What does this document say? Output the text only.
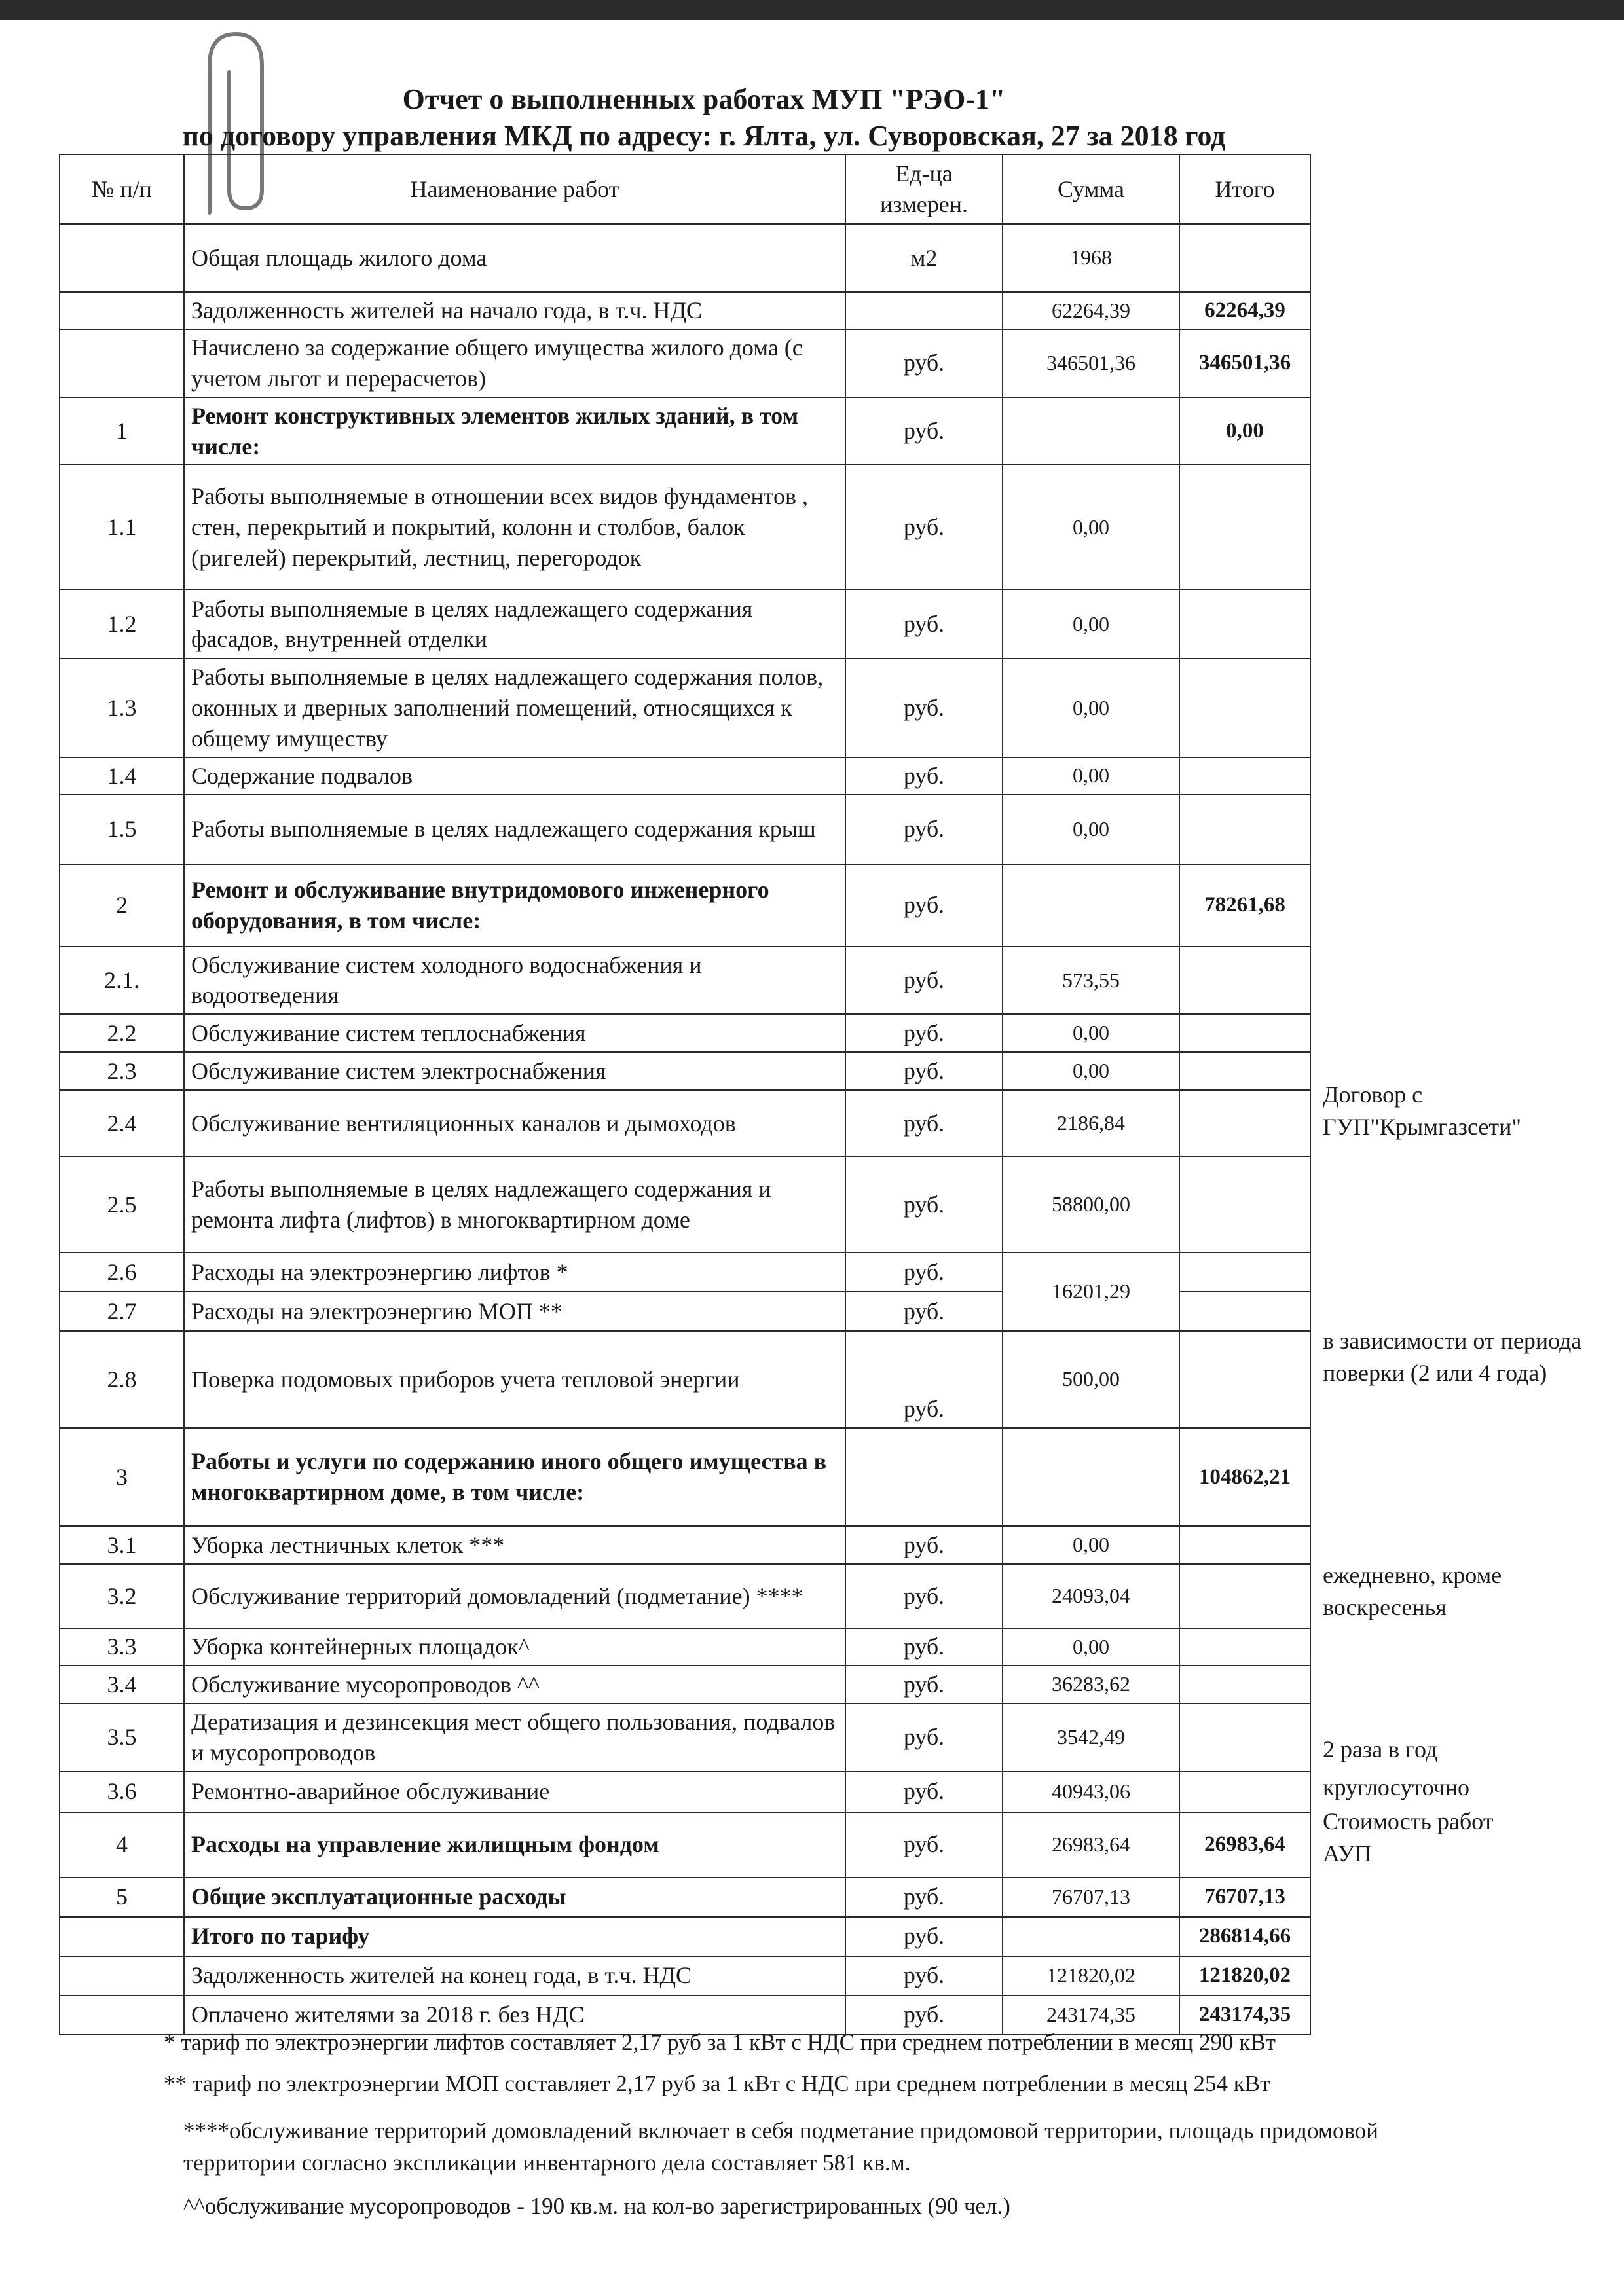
Отчет о выполненных работах МУП "РЭО-1"
по договору управления МКД по адресу: г. Ялта, ул. Суворовская, 27 за 2018 год
№ п/п	Наименование работ	Ед-ца измерен.	Сумма	Итого
	Общая площадь жилого дома	м2	1968	
	Задолженность жителей на начало года, в т.ч. НДС		62264,39	62264,39
	Начислено за содержание общего имущества жилого дома (с учетом льгот и перерасчетов)	руб.	346501,36	346501,36
1	Ремонт конструктивных элементов жилых зданий, в том числе:	руб.		0,00
1.1	Работы выполняемые в отношении всех видов фундаментов , стен, перекрытий и покрытий, колонн и столбов, балок (ригелей) перекрытий, лестниц, перегородок	руб.	0,00	
1.2	Работы выполняемые в целях надлежащего содержания фасадов, внутренней отделки	руб.	0,00	
1.3	Работы выполняемые в целях надлежащего содержания полов, оконных и дверных заполнений помещений, относящихся к общему имуществу	руб.	0,00	
1.4	Содержание подвалов	руб.	0,00	
1.5	Работы выполняемые в целях надлежащего содержания крыш	руб.	0,00	
2	Ремонт и обслуживание внутридомового инженерного оборудования, в том числе:	руб.		78261,68
2.1.	Обслуживание систем холодного водоснабжения и водоотведения	руб.	573,55	
2.2	Обслуживание систем теплоснабжения	руб.	0,00	
2.3	Обслуживание систем электроснабжения	руб.	0,00	
2.4	Обслуживание вентиляционных каналов и дымоходов	руб.	2186,84	
2.5	Работы выполняемые в целях надлежащего содержания и ремонта лифта (лифтов) в многоквартирном доме	руб.	58800,00	
2.6	Расходы на электроэнергию лифтов *	руб.	16201,29	
2.7	Расходы на электроэнергию МОП **	руб.		
2.8	Поверка подомовых приборов учета тепловой энергии	руб.	500,00	
3	Работы и услуги по содержанию иного общего имущества в многоквартирном доме, в том числе:			104862,21
3.1	Уборка лестничных клеток ***	руб.	0,00	
3.2	Обслуживание территорий домовладений (подметание) ****	руб.	24093,04	
3.3	Уборка контейнерных площадок^	руб.	0,00	
3.4	Обслуживание мусоропроводов ^^	руб.	36283,62	
3.5	Дератизация и дезинсекция мест общего пользования, подвалов и мусоропроводов	руб.	3542,49	
3.6	Ремонтно-аварийное обслуживание	руб.	40943,06	
4	Расходы на управление жилищным фондом	руб.	26983,64	26983,64
5	Общие эксплуатационные расходы	руб.	76707,13	76707,13
	Итого по тарифу	руб.		286814,66
	Задолженность жителей на конец года, в т.ч. НДС	руб.	121820,02	121820,02
	Оплачено жителями за 2018 г. без НДС	руб.	243174,35	243174,35
Договор с ГУП"Крымгазсети"
в зависимости от периода поверки (2 или 4 года)
ежедневно, кроме воскресенья
2 раза в год
круглосуточно
Стоимость работ АУП
* тариф по электроэнергии лифтов составляет 2,17 руб за 1 кВт с НДС при среднем потреблении в месяц 290 кВт
** тариф по электроэнергии МОП составляет 2,17 руб за 1 кВт с НДС при среднем потреблении в месяц 254 кВт
****обслуживание территорий домовладений включает в себя подметание придомовой территории, площадь придомовой территории согласно экспликации инвентарного дела составляет 581 кв.м.
^^обслуживание мусоропроводов - 190 кв.м. на кол-во зарегистрированных (90 чел.)
